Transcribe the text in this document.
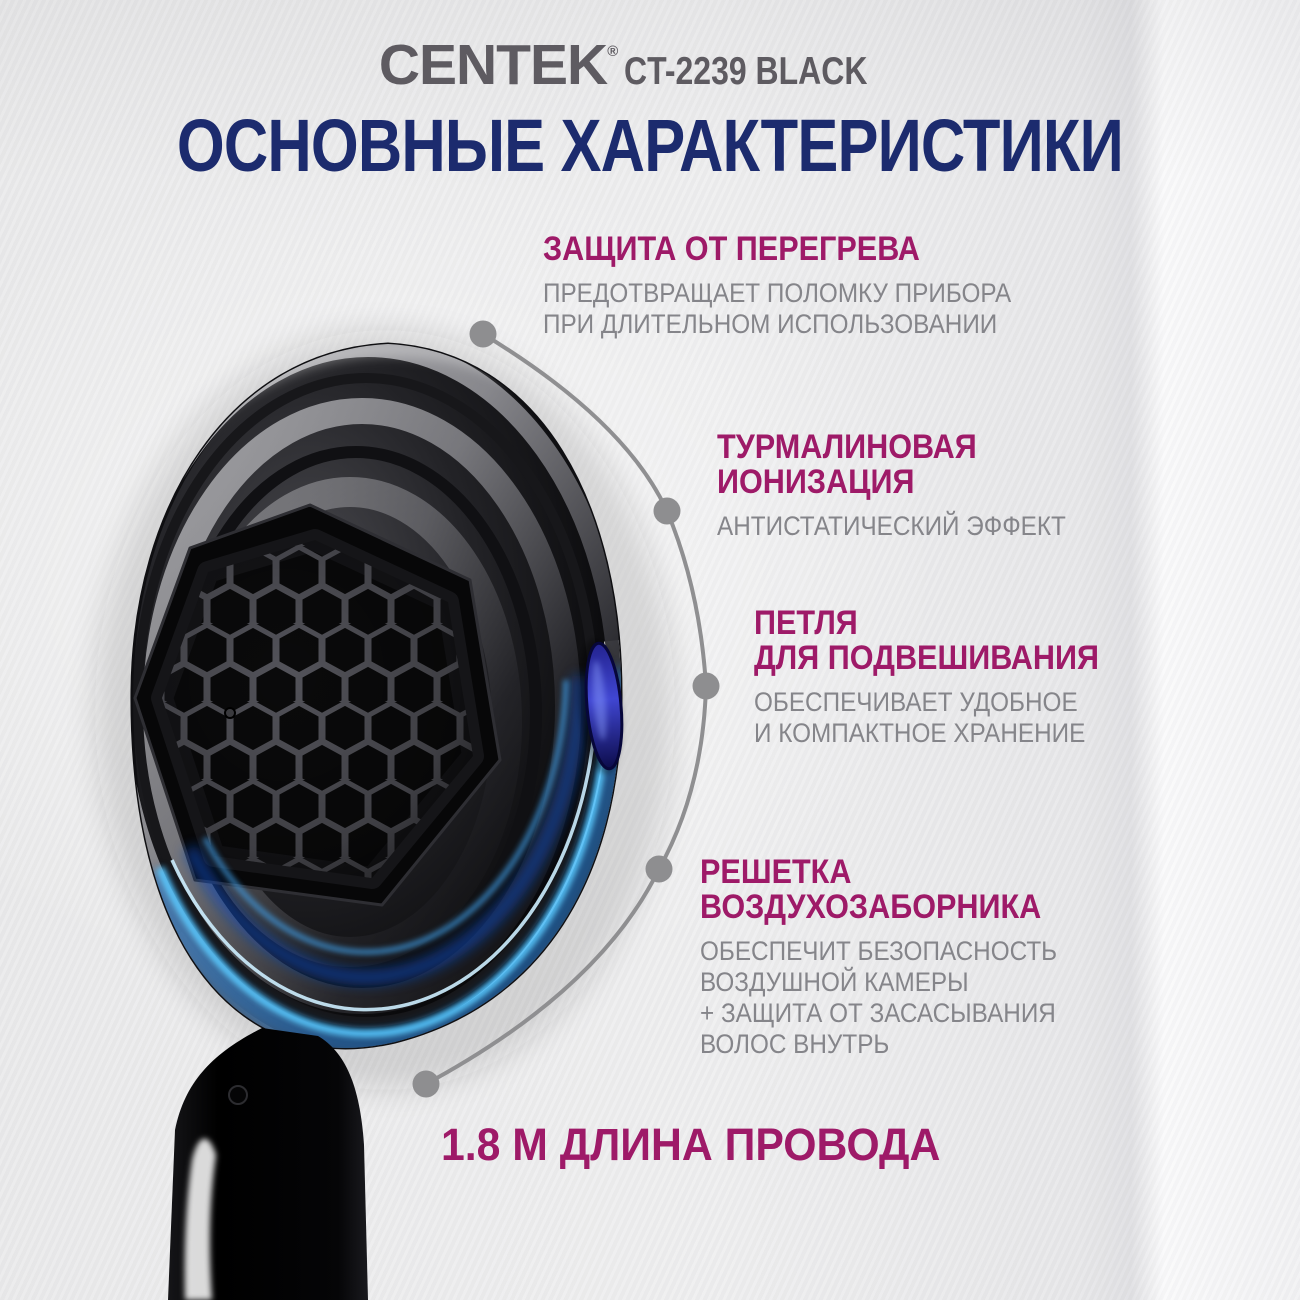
CENTEK® CT-2239 BLACK
ОСНОВНЫЕ ХАРАКТЕРИСТИКИ
ЗАЩИТА ОТ ПЕРЕГРЕВА
ПРЕДОТВРАЩАЕТ ПОЛОМКУ ПРИБОРА
ПРИ ДЛИТЕЛЬНОМ ИСПОЛЬЗОВАНИИ
ТУРМАЛИНОВАЯ
ИОНИЗАЦИЯ
АНТИСТАТИЧЕСКИЙ ЭФФЕКТ
ПЕТЛЯ
ДЛЯ ПОДВЕШИВАНИЯ
ОБЕСПЕЧИВАЕТ УДОБНОЕ
И КОМПАКТНОЕ ХРАНЕНИЕ
РЕШЕТКА
ВОЗДУХОЗАБОРНИКА
ОБЕСПЕЧИТ БЕЗОПАСНОСТЬ
ВОЗДУШНОЙ КАМЕРЫ
+ ЗАЩИТА ОТ ЗАСАСЫВАНИЯ
ВОЛОС ВНУТРЬ
1.8 М ДЛИНА ПРОВОДА
